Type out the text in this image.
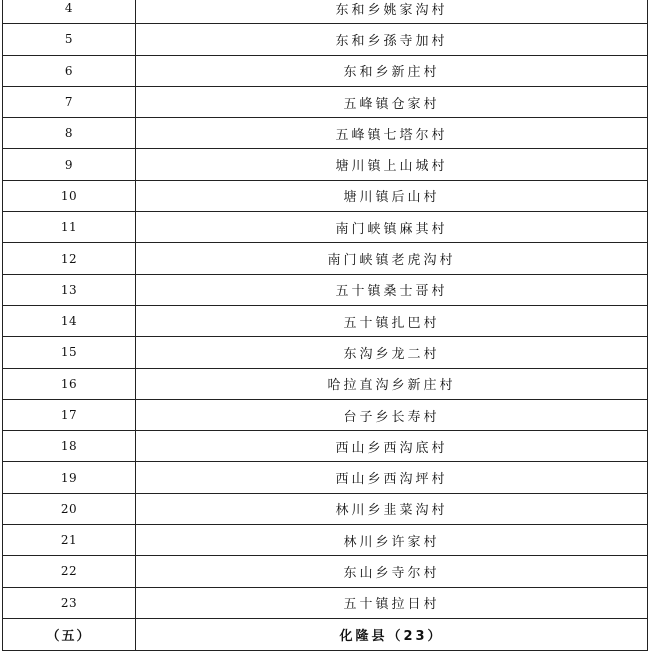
4	东和乡姚家沟村
5	东和乡孫寺加村
6	东和乡新庄村
7	五峰镇仓家村
8	五峰镇七塔尔村
9	塘川镇上山城村
10	塘川镇后山村
11	南门峡镇麻其村
12	南门峡镇老虎沟村
13	五十镇桑士哥村
14	五十镇扎巴村
15	东沟乡龙二村
16	哈拉直沟乡新庄村
17	台子乡长寿村
18	西山乡西沟底村
19	西山乡西沟坪村
20	林川乡韭菜沟村
21	林川乡许家村
22	东山乡寺尔村
23	五十镇拉日村
（五）	化隆县（23）
